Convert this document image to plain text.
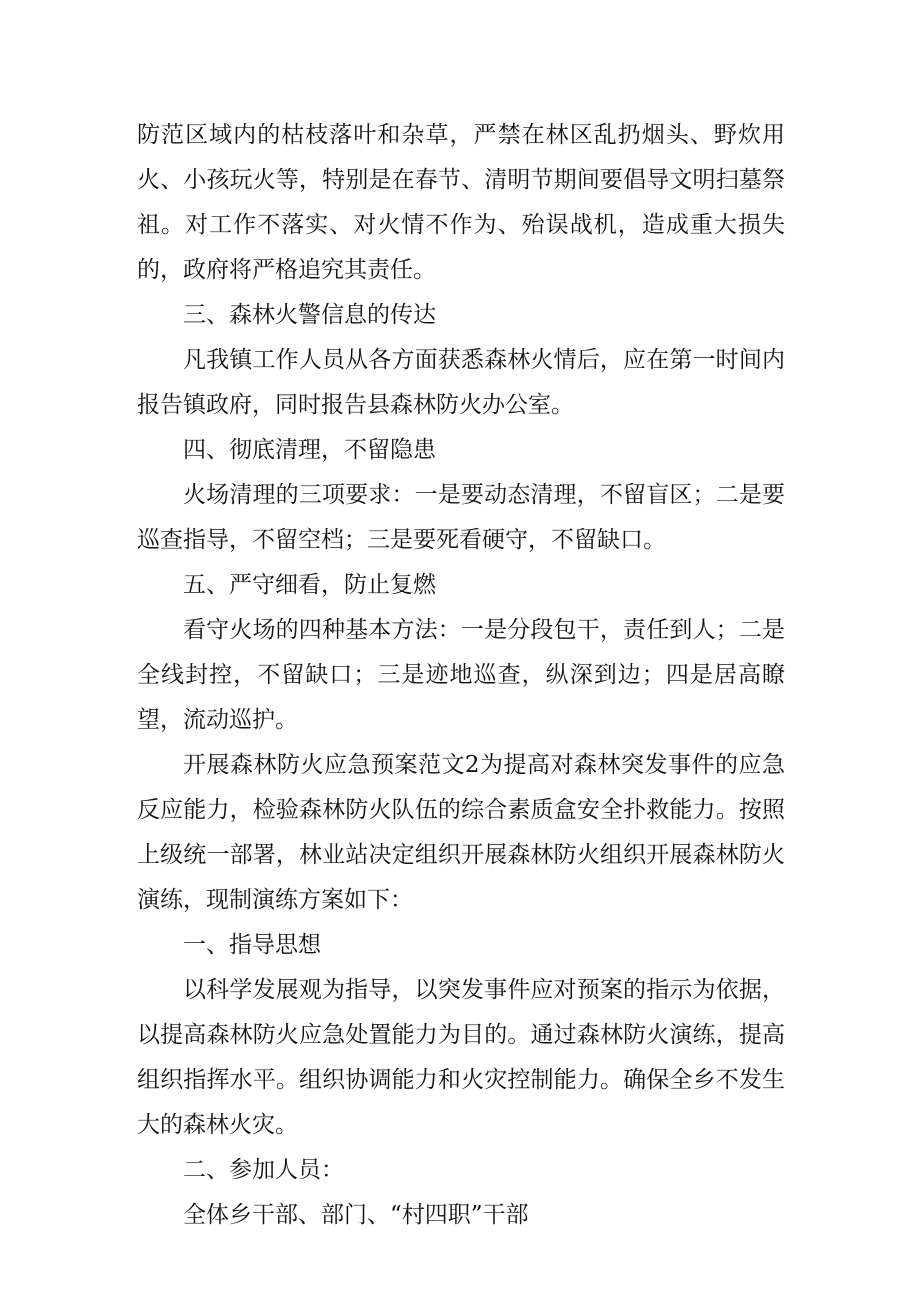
防范区域内的枯枝落叶和杂草，严禁在林区乱扔烟头、野炊用火、小孩玩火等，特别是在春节、清明节期间要倡导文明扫墓祭祖。对工作不落实、对火情不作为、殆误战机，造成重大损失的，政府将严格追究其责任。

三、森林火警信息的传达

凡我镇工作人员从各方面获悉森林火情后，应在第一时间内报告镇政府，同时报告县森林防火办公室。

四、彻底清理，不留隐患

火场清理的三项要求：一是要动态清理，不留盲区；二是要巡查指导，不留空档；三是要死看硬守，不留缺口。

五、严守细看，防止复燃

看守火场的四种基本方法：一是分段包干，责任到人；二是全线封控，不留缺口；三是迹地巡查，纵深到边；四是居高瞭望，流动巡护。

开展森林防火应急预案范文2为提高对森林突发事件的应急反应能力，检验森林防火队伍的综合素质盒安全扑救能力。按照上级统一部署，林业站决定组织开展森林防火组织开展森林防火演练，现制演练方案如下：

一、指导思想

以科学发展观为指导，以突发事件应对预案的指示为依据，以提高森林防火应急处置能力为目的。通过森林防火演练，提高组织指挥水平。组织协调能力和火灾控制能力。确保全乡不发生大的森林火灾。

二、参加人员：

全体乡干部、部门、“村四职”干部
